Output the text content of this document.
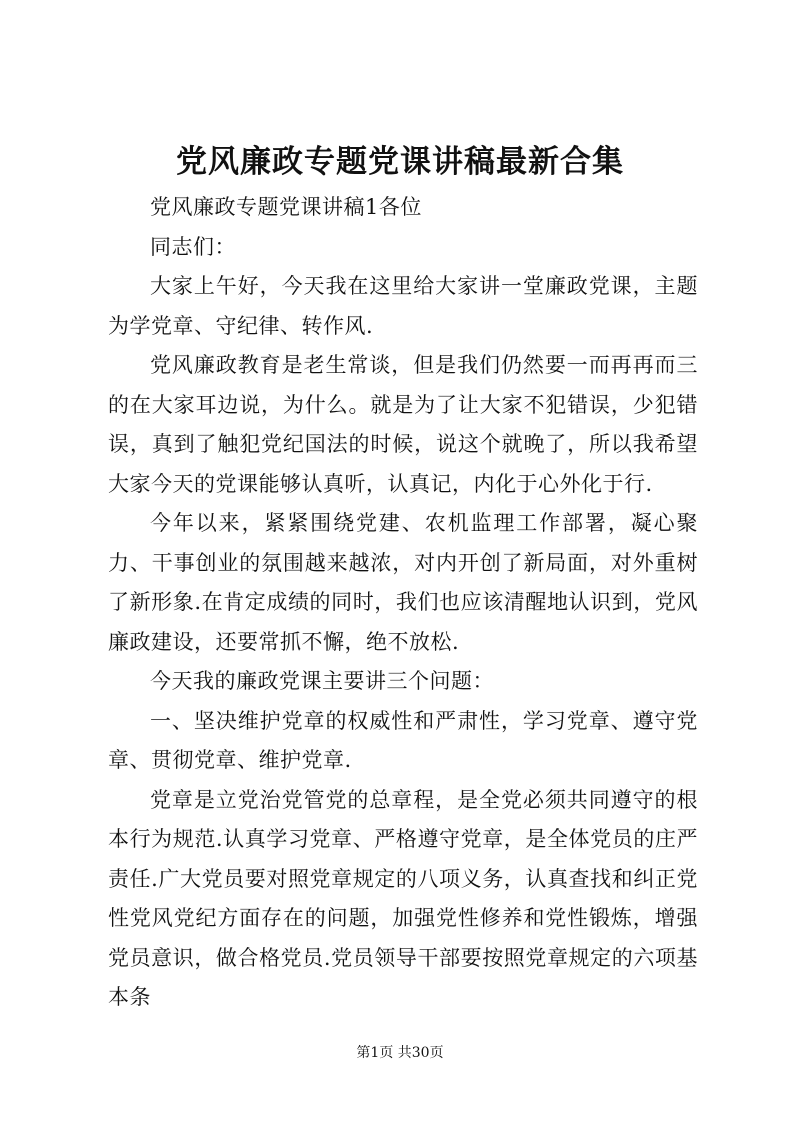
党风廉政专题党课讲稿最新合集

党风廉政专题党课讲稿1各位

同志们：

大家上午好，今天我在这里给大家讲一堂廉政党课，主题为学党章、守纪律、转作风.

党风廉政教育是老生常谈，但是我们仍然要一而再再而三的在大家耳边说，为什么。就是为了让大家不犯错误，少犯错误，真到了触犯党纪国法的时候，说这个就晚了，所以我希望大家今天的党课能够认真听，认真记，内化于心外化于行.

今年以来，紧紧围绕党建、农机监理工作部署，凝心聚力、干事创业的氛围越来越浓，对内开创了新局面，对外重树了新形象.在肯定成绩的同时，我们也应该清醒地认识到，党风廉政建设，还要常抓不懈，绝不放松.

今天我的廉政党课主要讲三个问题：

一、坚决维护党章的权威性和严肃性，学习党章、遵守党章、贯彻党章、维护党章.

党章是立党治党管党的总章程，是全党必须共同遵守的根本行为规范.认真学习党章、严格遵守党章，是全体党员的庄严责任.广大党员要对照党章规定的八项义务，认真查找和纠正党性党风党纪方面存在的问题，加强党性修养和党性锻炼，增强党员意识，做合格党员.党员领导干部要按照党章规定的六项基本条

第1页 共30页
